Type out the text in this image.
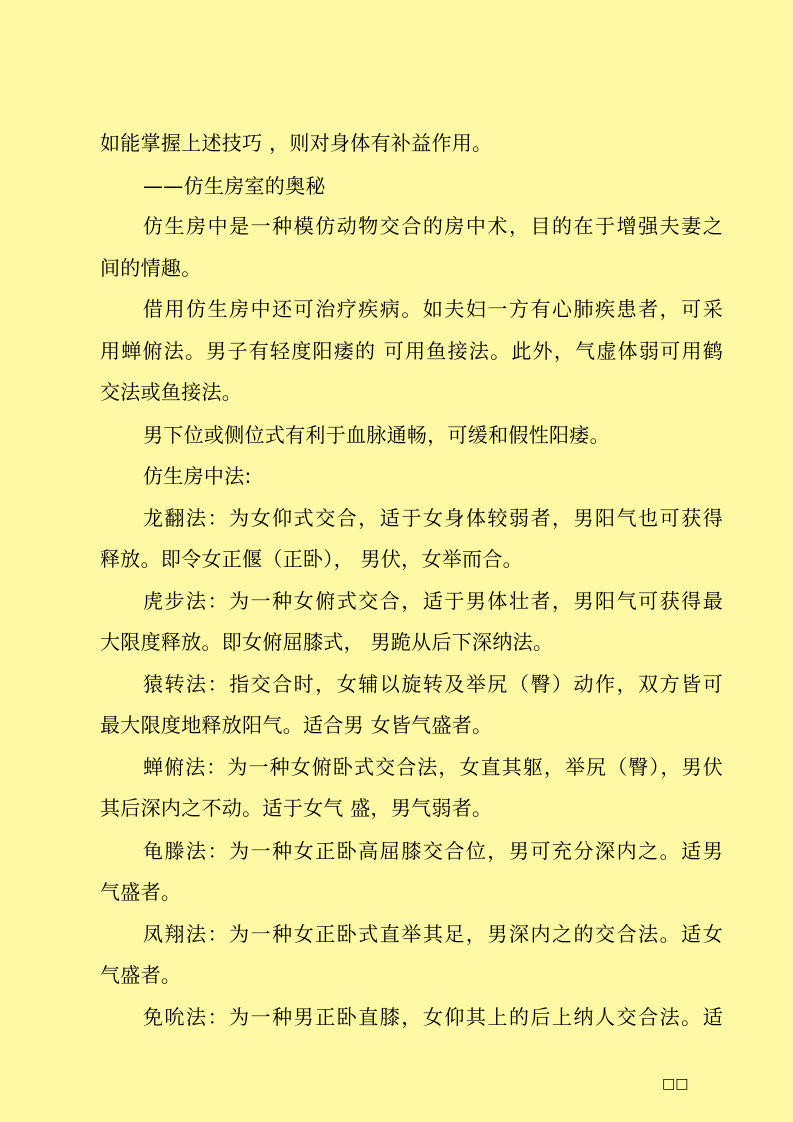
如能掌握上述技巧 ，则对身体有补益作用。
——仿生房室的奥秘
仿生房中是一种模仿动物交合的房中术，目的在于增强夫妻之
间的情趣。
借用仿生房中还可治疗疾病。如夫妇一方有心肺疾患者，可采
用蝉俯法。男子有轻度阳痿的 可用鱼接法。此外，气虚体弱可用鹤
交法或鱼接法。
男下位或侧位式有利于血脉通畅，可缓和假性阳痿。
仿生房中法:
龙翻法：为女仰式交合，适于女身体较弱者，男阳气也可获得
释放。即令女正偃（正卧）， 男伏，女举而合。
虎步法：为一种女俯式交合，适于男体壮者，男阳气可获得最
大限度释放。即女俯屈膝式， 男跪从后下深纳法。
猿转法：指交合时，女辅以旋转及举尻（臀）动作，双方皆可
最大限度地释放阳气。适合男 女皆气盛者。
蝉俯法：为一种女俯卧式交合法，女直其躯，举尻（臀），男伏
其后深内之不动。适于女气 盛，男气弱者。
龟滕法：为一种女正卧高屈膝交合位，男可充分深内之。适男
气盛者。
凤翔法：为一种女正卧式直举其足，男深内之的交合法。适女
气盛者。
免吮法：为一种男正卧直膝，女仰其上的后上纳人交合法。适
□□
